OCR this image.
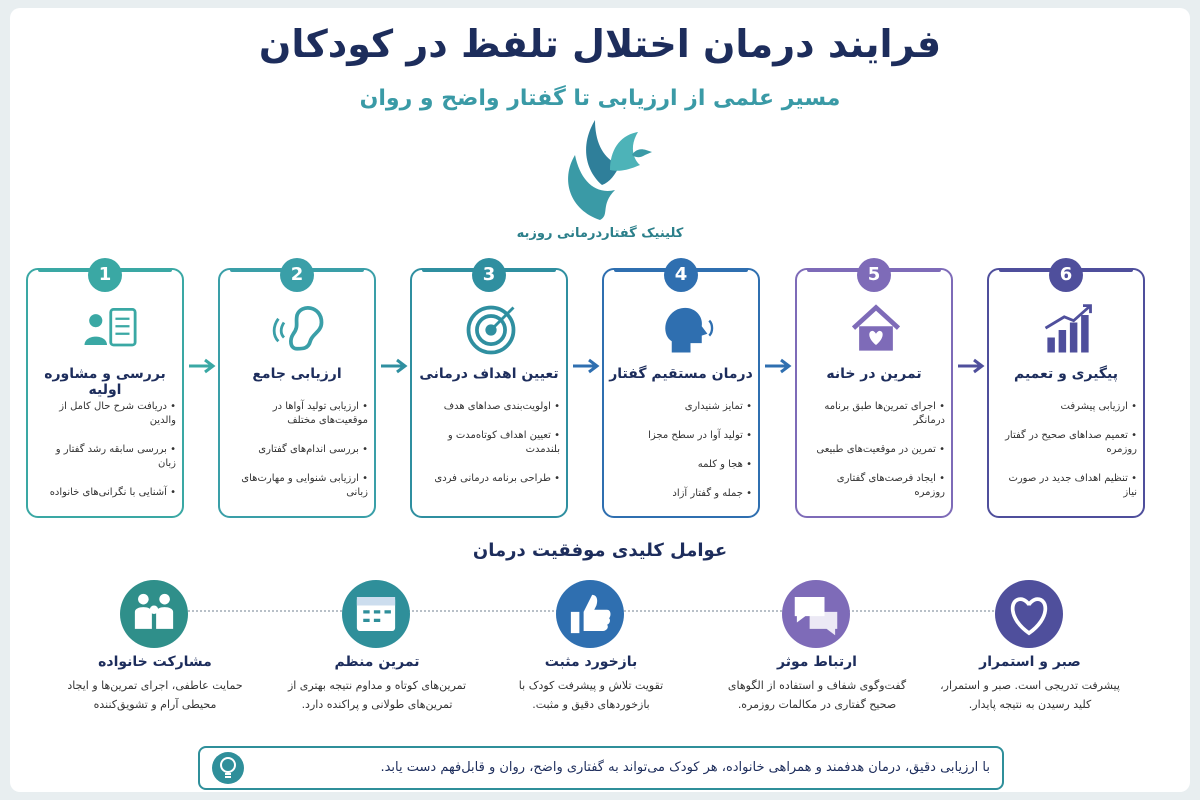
فرایند درمان اختلال تلفظ در کودکان
مسیر علمی از ارزیابی تا گفتار واضح و روان
کلینیک گفتاردرمانی روزبه
1
بررسی و مشاوره اولیه
• دریافت شرح حال کامل از والدین
• بررسی سابقه رشد گفتار و زبان
• آشنایی با نگرانی‌های خانواده
2
ارزیابی جامع
• ارزیابی تولید آواها در موقعیت‌های مختلف
• بررسی اندام‌های گفتاری
• ارزیابی شنوایی و مهارت‌های زبانی
3
تعیین اهداف درمانی
• اولویت‌بندی صداهای هدف
• تعیین اهداف کوتاه‌مدت و بلندمدت
• طراحی برنامه درمانی فردی
4
درمان مستقیم گفتار
• تمایز شنیداری
• تولید آوا در سطح مجزا
• هجا و کلمه
• جمله و گفتار آزاد
5
تمرین در خانه
• اجرای تمرین‌ها طبق برنامه درمانگر
• تمرین در موقعیت‌های طبیعی
• ایجاد فرصت‌های گفتاری روزمره
6
پیگیری و تعمیم
• ارزیابی پیشرفت
• تعمیم صداهای صحیح در گفتار روزمره
• تنظیم اهداف جدید در صورت نیاز
عوامل کلیدی موفقیت درمان
مشارکت خانواده
حمایت عاطفی، اجرای تمرین‌ها و ایجاد محیطی آرام و تشویق‌کننده
تمرین منظم
تمرین‌های کوتاه و مداوم نتیجه بهتری از تمرین‌های طولانی و پراکنده دارد.
بازخورد مثبت
تقویت تلاش و پیشرفت کودک با بازخوردهای دقیق و مثبت.
ارتباط موثر
گفت‌وگوی شفاف و استفاده از الگوهای صحیح گفتاری در مکالمات روزمره.
صبر و استمرار
پیشرفت تدریجی است. صبر و استمرار، کلید رسیدن به نتیجه پایدار.
با ارزیابی دقیق، درمان هدفمند و همراهی خانواده، هر کودک می‌تواند به گفتاری واضح، روان و قابل‌فهم دست یابد.
